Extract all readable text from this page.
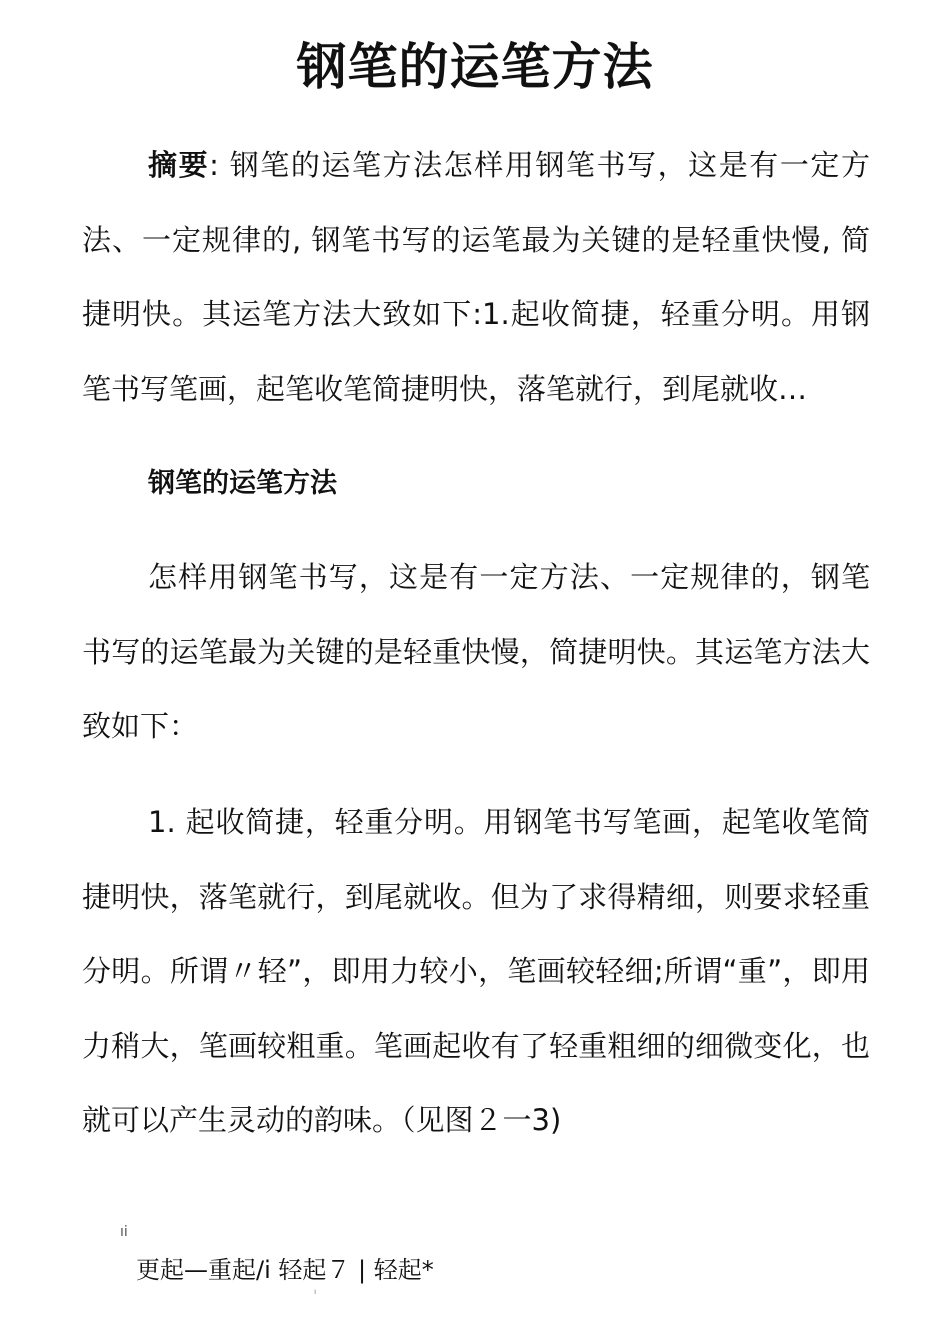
钢笔的运笔方法

摘要: 钢笔的运笔方法怎样用钢笔书写，这是有一定方法、一定规律的, 钢笔书写的运笔最为关键的是轻重快慢, 简捷明快。其运笔方法大致如下:1.起收简捷，轻重分明。用钢笔书写笔画，起笔收笔简捷明快，落笔就行，到尾就收…

钢笔的运笔方法

怎样用钢笔书写，这是有一定方法、一定规律的，钢笔书写的运笔最为关键的是轻重快慢，简捷明快。其运笔方法大致如下：

1. 起收简捷，轻重分明。用钢笔书写笔画，起笔收笔简捷明快，落笔就行，到尾就收。但为了求得精细，则要求轻重分明。所谓〃轻”，即用力较小，笔画较轻细;所谓“重”，即用力稍大，笔画较粗重。笔画起收有了轻重粗细的细微变化，也就可以产生灵动的韵味。（见图２一3)

ıi
更起—重起/i 轻起７ | 轻起*
ı
